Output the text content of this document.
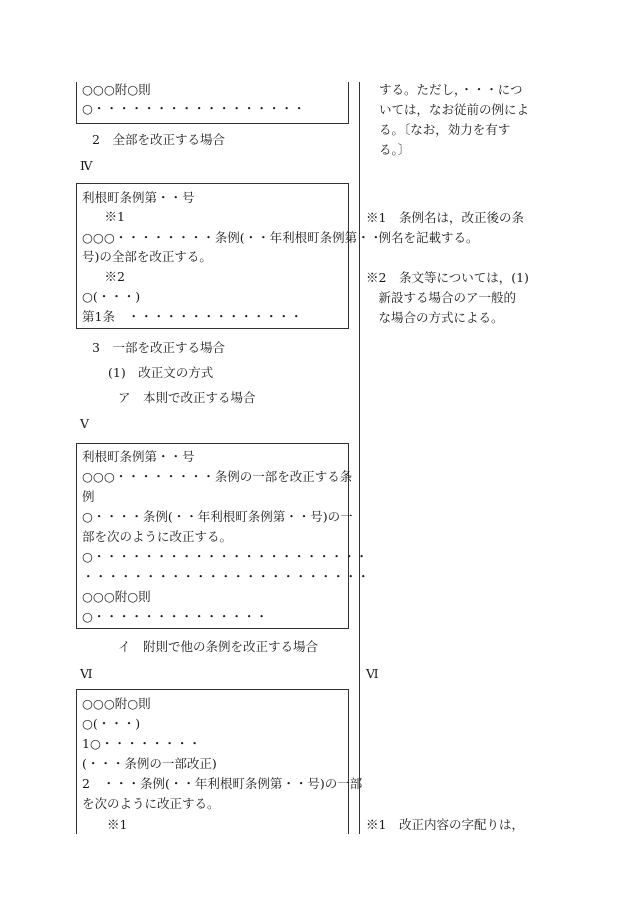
○○○附○則
○・・・・・・・・・・・・・・・・・
2　全部を改正する場合
Ⅳ
利根町条例第・・号
　※1
○○○・・・・・・・・条例(・・年利根町条例第・・
号)の全部を改正する。
　※2
○(・・・)
第1条　・・・・・・・・・・・・・・
3　一部を改正する場合
(1)　改正文の方式
ア　本則で改正する場合
Ⅴ
利根町条例第・・号
○○○・・・・・・・・条例の一部を改正する条
例
○・・・・条例(・・年利根町条例第・・号)の一
部を次のように改正する。
○・・・・・・・・・・・・・・・・・・・・・・
・・・・・・・・・・・・・・・・・・・・・・・
○○○附○則
○・・・・・・・・・・・・・・
イ　附則で他の条例を改正する場合
Ⅵ
○○○附○則
○(・・・)
1○・・・・・・・・
(・・・条例の一部改正)
2　・・・条例(・・年利根町条例第・・号)の一部
を次のように改正する。
　　※1
する。ただし，・・・につ
いては，なお従前の例によ
る。〔なお，効力を有す
る。〕
※1　条例名は，改正後の条
　例名を記載する。
※2　条文等については，(1)
　新設する場合のア一般的
　な場合の方式による。
Ⅵ
※1　改正内容の字配りは，
